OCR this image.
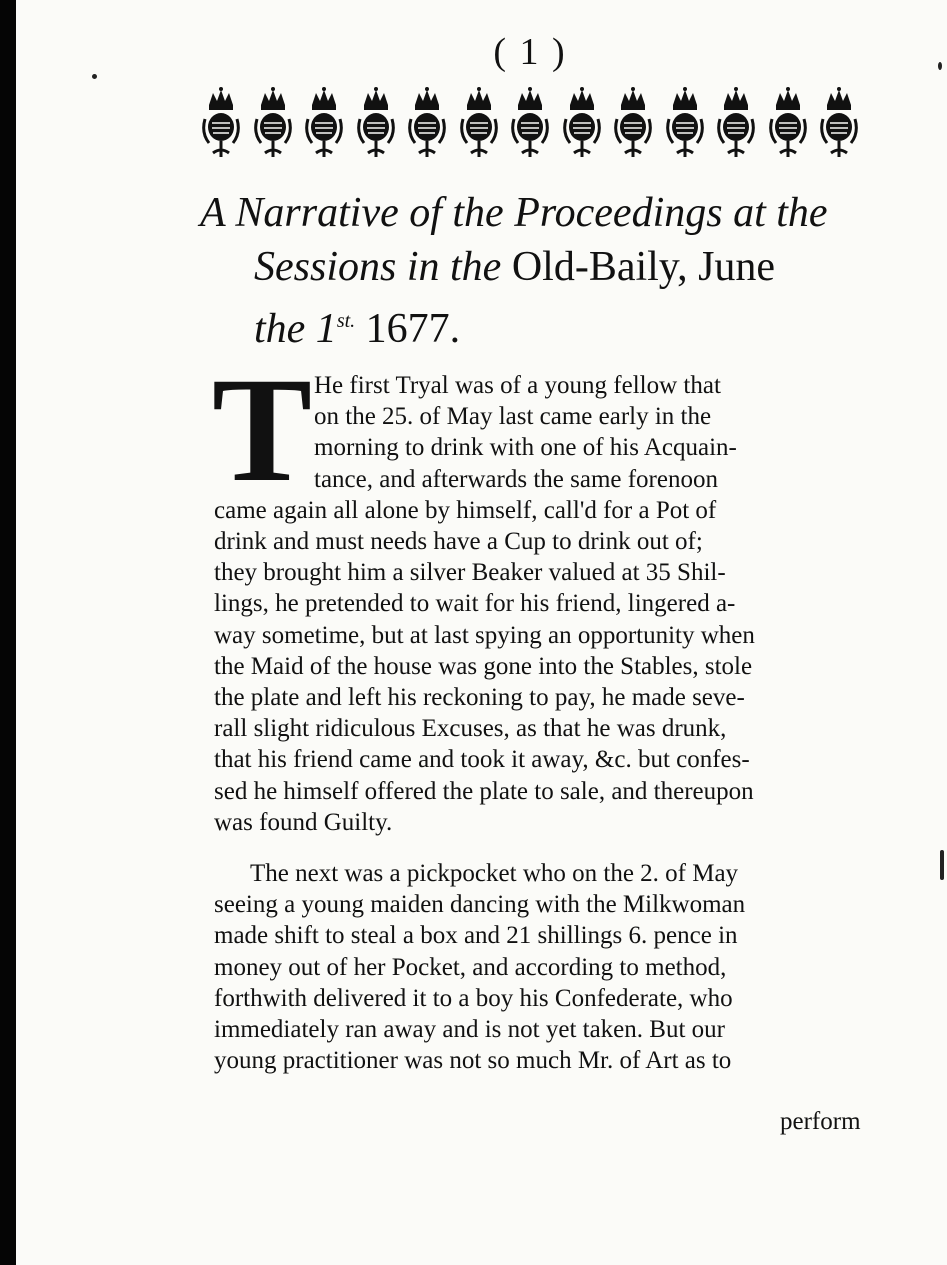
( 1 )
A Narrative of the Proceedings at the
Sessions in the Old-Baily, June
the $1^{st.}$ 1677.
T He first Tryal was of a young fellow that
on the 25. of May last came early in the
morning to drink with one of his Acquain-
tance, and afterwards the same forenoon
came again all alone by himself, call'd for a Pot of
drink and must needs have a Cup to drink out of;
they brought him a silver Beaker valued at 35 Shil-
lings, he pretended to wait for his friend, lingered a-
way sometime, but at last spying an opportunity when
the Maid of the house was gone into the Stables, stole
the plate and left his reckoning to pay, he made seve-
rall slight ridiculous Excuses, as that he was drunk,
that his friend came and took it away, &c. but confes-
sed he himself offered the plate to sale, and thereupon
was found Guilty.
The next was a pickpocket who on the 2. of May
seeing a young maiden dancing with the Milkwoman
made shift to steal a box and 21 shillings 6. pence in
money out of her Pocket, and according to method,
forthwith delivered it to a boy his Confederate, who
immediately ran away and is not yet taken. But our
young practitioner was not so much Mr. of Art as to
perform
